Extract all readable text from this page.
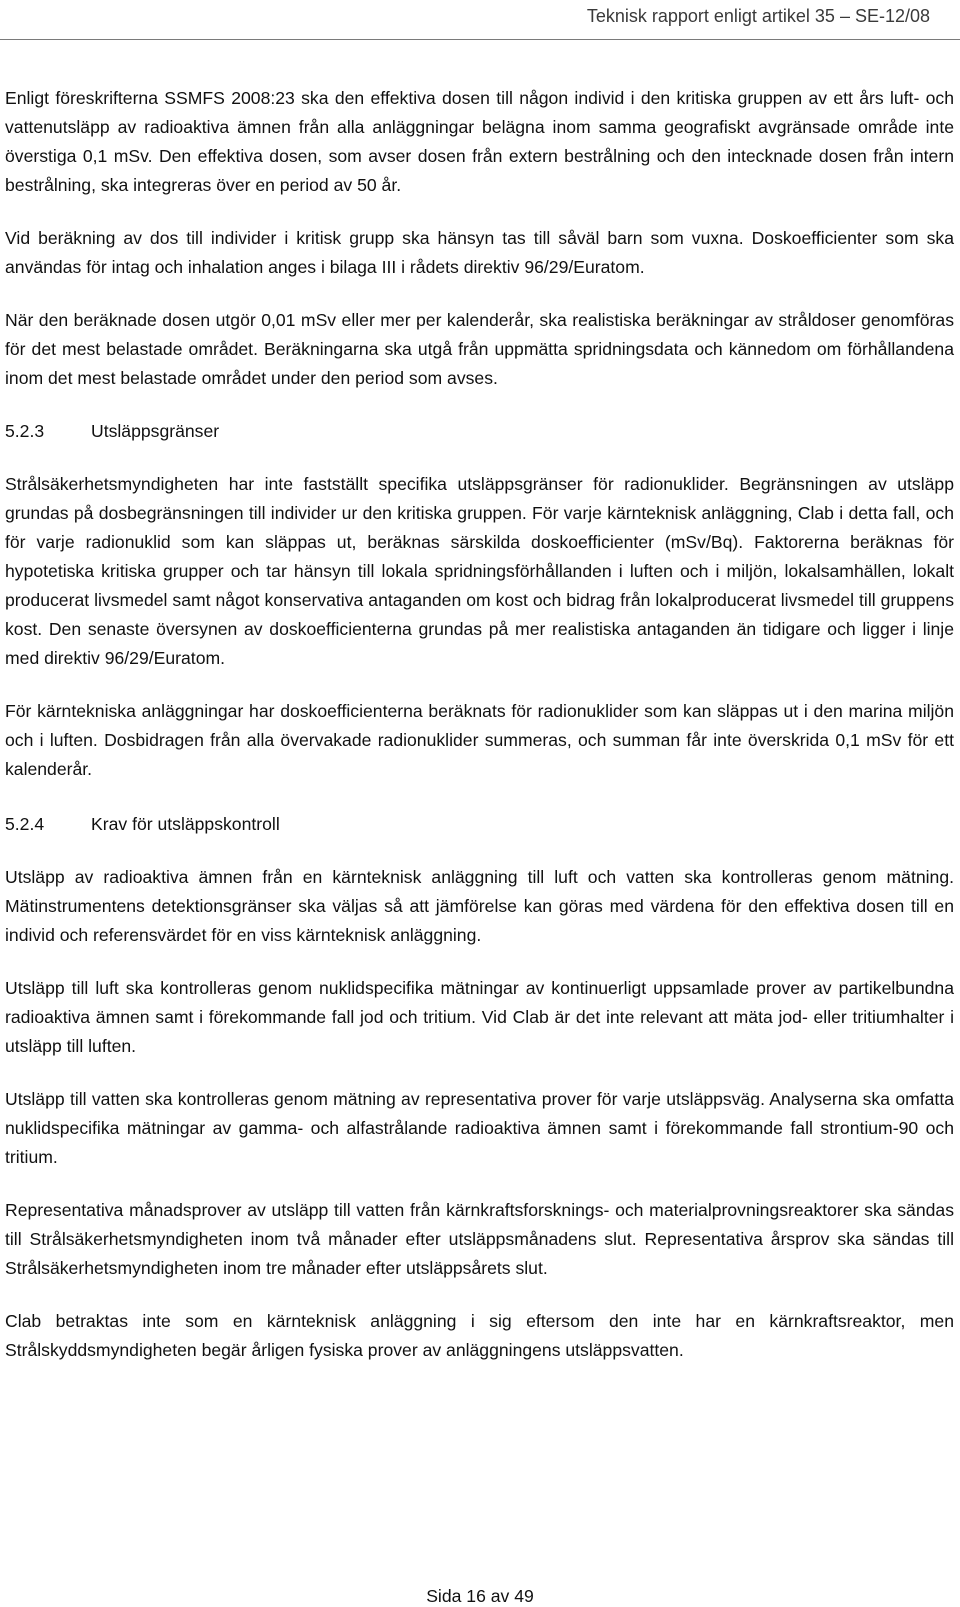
Teknisk rapport enligt artikel 35 – SE-12/08

Enligt föreskrifterna SSMFS 2008:23 ska den effektiva dosen till någon individ i den kritiska gruppen av ett års luft- och vattenutsläpp av radioaktiva ämnen från alla anläggningar belägna inom samma geografiskt avgränsade område inte överstiga 0,1 mSv. Den effektiva dosen, som avser dosen från extern bestrålning och den intecknade dosen från intern bestrålning, ska integreras över en period av 50 år.

Vid beräkning av dos till individer i kritisk grupp ska hänsyn tas till såväl barn som vuxna. Doskoefficienter som ska användas för intag och inhalation anges i bilaga III i rådets direktiv 96/29/Euratom.

När den beräknade dosen utgör 0,01 mSv eller mer per kalenderår, ska realistiska beräkningar av stråldoser genomföras för det mest belastade området. Beräkningarna ska utgå från uppmätta spridningsdata och kännedom om förhållandena inom det mest belastade området under den period som avses.

5.2.3	Utsläppsgränser

Strålsäkerhetsmyndigheten har inte fastställt specifika utsläppsgränser för radionuklider. Begränsningen av utsläpp grundas på dosbegränsningen till individer ur den kritiska gruppen. För varje kärnteknisk anläggning, Clab i detta fall, och för varje radionuklid som kan släppas ut, beräknas särskilda doskoefficienter (mSv/Bq). Faktorerna beräknas för hypotetiska kritiska grupper och tar hänsyn till lokala spridningsförhållanden i luften och i miljön, lokalsamhällen, lokalt producerat livsmedel samt något konservativa antaganden om kost och bidrag från lokalproducerat livsmedel till gruppens kost. Den senaste översynen av doskoefficienterna grundas på mer realistiska antaganden än tidigare och ligger i linje med direktiv 96/29/Euratom.

För kärntekniska anläggningar har doskoefficienterna beräknats för radionuklider som kan släppas ut i den marina miljön och i luften. Dosbidragen från alla övervakade radionuklider summeras, och summan får inte överskrida 0,1 mSv för ett kalenderår.

5.2.4	Krav för utsläppskontroll

Utsläpp av radioaktiva ämnen från en kärnteknisk anläggning till luft och vatten ska kontrolleras genom mätning. Mätinstrumentens detektionsgränser ska väljas så att jämförelse kan göras med värdena för den effektiva dosen till en individ och referensvärdet för en viss kärnteknisk anläggning.

Utsläpp till luft ska kontrolleras genom nuklidspecifika mätningar av kontinuerligt uppsamlade prover av partikelbundna radioaktiva ämnen samt i förekommande fall jod och tritium. Vid Clab är det inte relevant att mäta jod- eller tritiumhalter i utsläpp till luften.

Utsläpp till vatten ska kontrolleras genom mätning av representativa prover för varje utsläppsväg. Analyserna ska omfatta nuklidspecifika mätningar av gamma- och alfastrålande radioaktiva ämnen samt i förekommande fall strontium-90 och tritium.

Representativa månadsprover av utsläpp till vatten från kärnkraftsforsknings- och materialprovningsreaktorer ska sändas till Strålsäkerhetsmyndigheten inom två månader efter utsläppsmånadens slut. Representativa årsprov ska sändas till Strålsäkerhetsmyndigheten inom tre månader efter utsläppsårets slut.

Clab betraktas inte som en kärnteknisk anläggning i sig eftersom den inte har en kärnkraftsreaktor, men Strålskyddsmyndigheten begär årligen fysiska prover av anläggningens utsläppsvatten.

Sida 16 av 49
